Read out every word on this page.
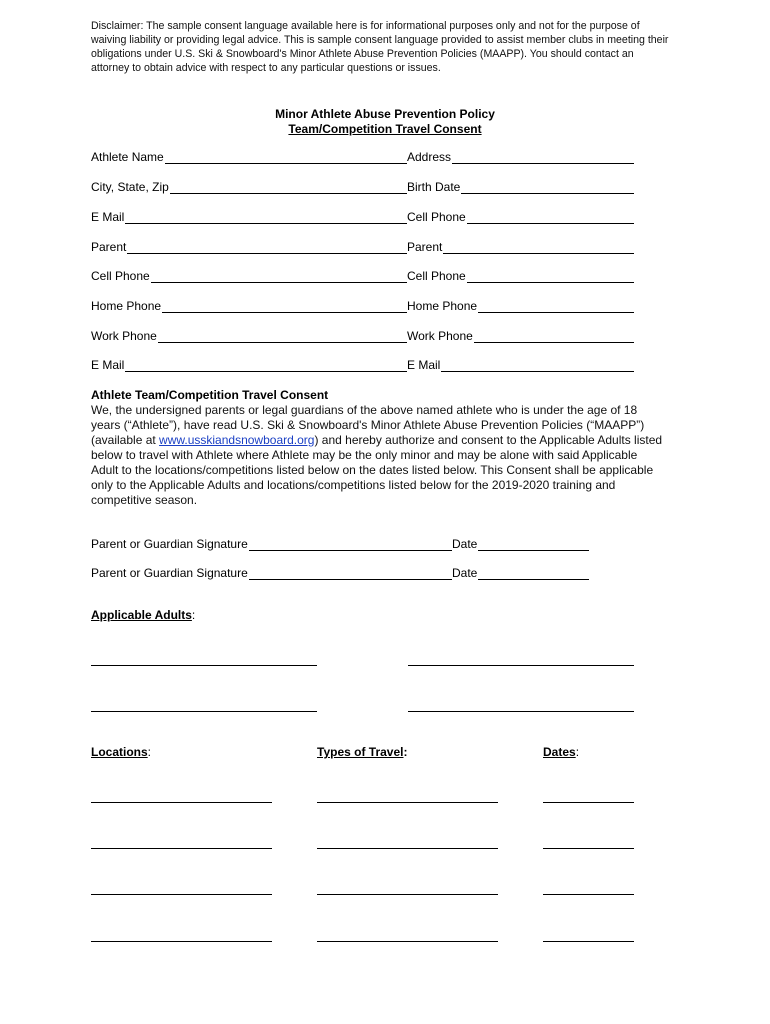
Disclaimer: The sample consent language available here is for informational purposes only and not for the purpose of waiving liability or providing legal advice. This is sample consent language provided to assist member clubs in meeting their obligations under U.S. Ski & Snowboard's Minor Athlete Abuse Prevention Policies (MAAPP). You should contact an attorney to obtain advice with respect to any particular questions or issues.
Minor Athlete Abuse Prevention Policy
Team/Competition Travel Consent
Athlete Name	Address
City, State, Zip	Birth Date
E Mail	Cell Phone
Parent	Parent
Cell Phone	Cell Phone
Home Phone	Home Phone
Work Phone	Work Phone
E Mail	E Mail
Athlete Team/Competition Travel Consent
We, the undersigned parents or legal guardians of the above named athlete who is under the age of 18 years (“Athlete”), have read U.S. Ski & Snowboard's Minor Athlete Abuse Prevention Policies (“MAAPP”) (available at www.usskiandsnowboard.org) and hereby authorize and consent to the Applicable Adults listed below to travel with Athlete where Athlete may be the only minor and may be alone with said Applicable Adult to the locations/competitions listed below on the dates listed below. This Consent shall be applicable only to the Applicable Adults and locations/competitions listed below for the 2019-2020 training and competitive season.
Parent or Guardian Signature	Date
Parent or Guardian Signature	Date
Applicable Adults:
Locations:	Types of Travel:	Dates:
